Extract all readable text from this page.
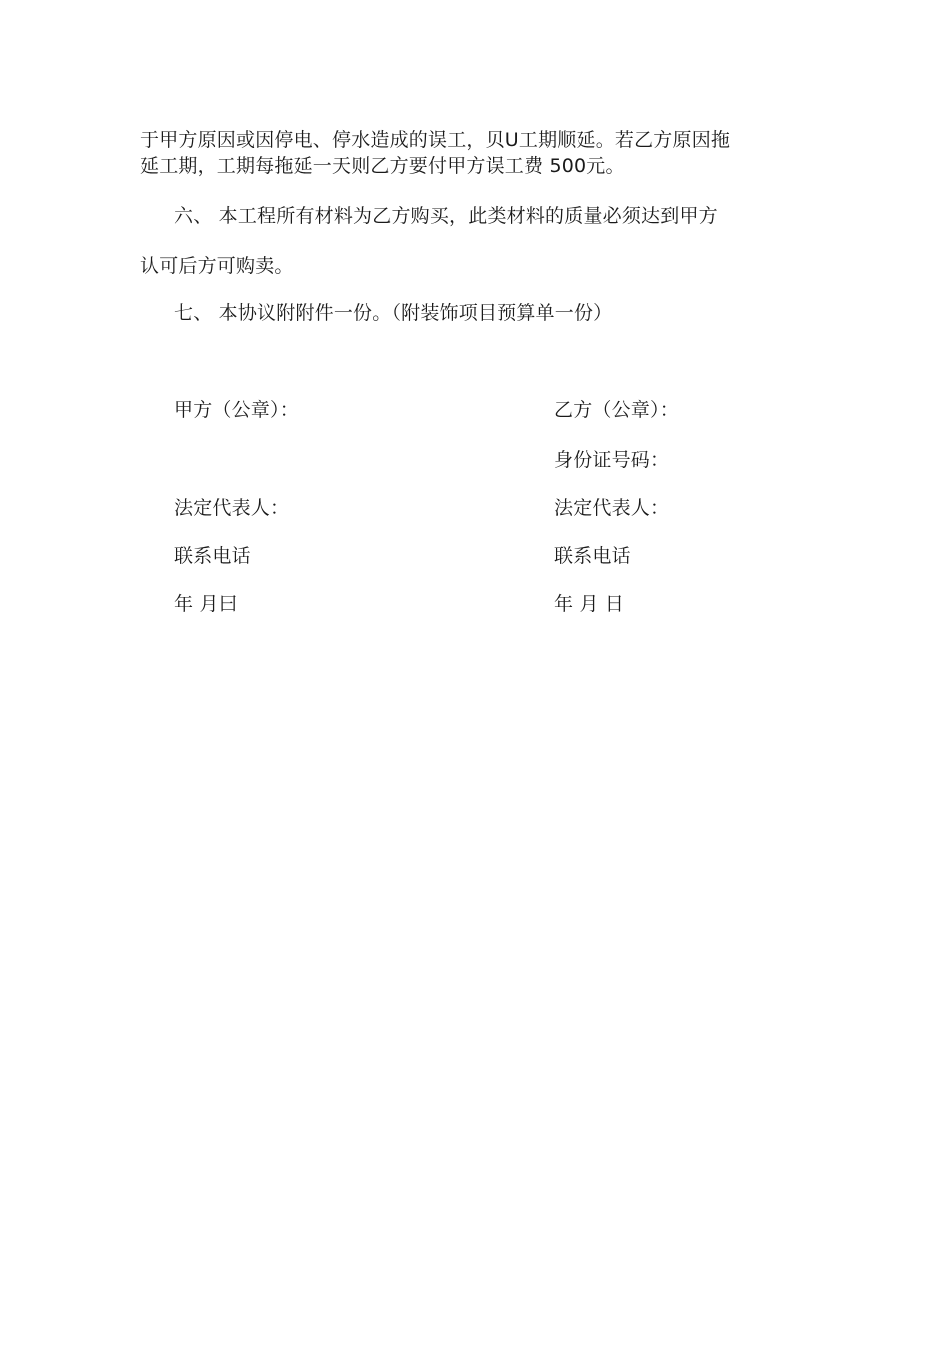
于甲方原因或因停电、停水造成的误工，贝U工期顺延。若乙方原因拖
延工期，工期每拖延一天则乙方要付甲方误工费 500元。
六、 本工程所有材料为乙方购买，此类材料的质量必须达到甲方
认可后方可购卖。
七、 本协议附附件一份。（附装饰项目预算单一份）
甲方（公章）：
法定代表人：
联系电话
年 月曰
乙方（公章）：
身份证号码：
法定代表人：
联系电话
年 月 日
